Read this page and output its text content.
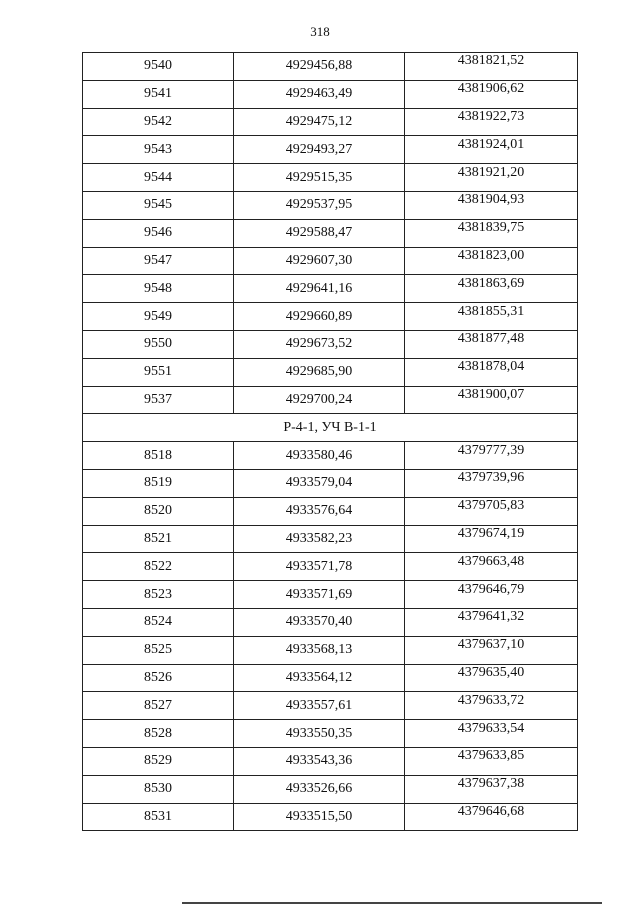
318
9540	4929456,88	4381821,52
9541	4929463,49	4381906,62
9542	4929475,12	4381922,73
9543	4929493,27	4381924,01
9544	4929515,35	4381921,20
9545	4929537,95	4381904,93
9546	4929588,47	4381839,75
9547	4929607,30	4381823,00
9548	4929641,16	4381863,69
9549	4929660,89	4381855,31
9550	4929673,52	4381877,48
9551	4929685,90	4381878,04
9537	4929700,24	4381900,07
Р-4-1, УЧ В-1-1		
8518	4933580,46	4379777,39
8519	4933579,04	4379739,96
8520	4933576,64	4379705,83
8521	4933582,23	4379674,19
8522	4933571,78	4379663,48
8523	4933571,69	4379646,79
8524	4933570,40	4379641,32
8525	4933568,13	4379637,10
8526	4933564,12	4379635,40
8527	4933557,61	4379633,72
8528	4933550,35	4379633,54
8529	4933543,36	4379633,85
8530	4933526,66	4379637,38
8531	4933515,50	4379646,68
